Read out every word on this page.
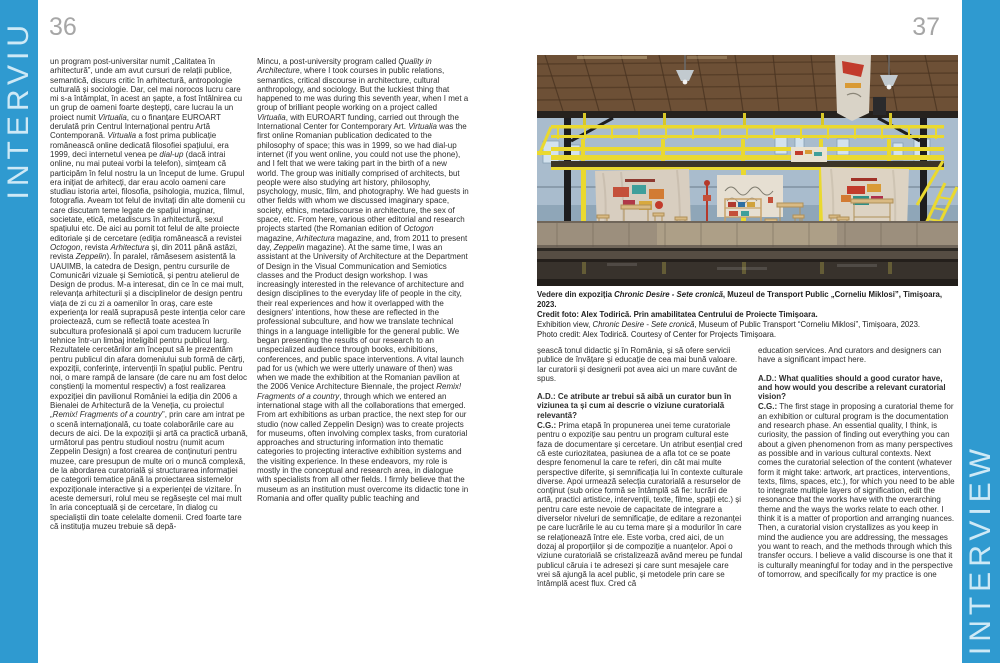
INTERVIU
INTERVIEW
36	37

un program post-universitar numit „Calitatea în arhitectură”, unde am avut cursuri de relații publice, semantică, discurs critic în arhitectură, antropologie culturală și sociologie. Dar, cel mai norocos lucru care mi s-a întâmplat, în acest an șapte, a fost întâlnirea cu un grup de oameni foarte deștepți, care lucrau la un proiect numit Virtualia, cu o finanțare EUROART derulată prin Centrul Internațional pentru Artă Contemporană. Virtualia a fost prima publicație românească online dedicată filosofiei spațiului, era 1999, deci internetul venea pe dial-up (dacă intrai online, nu mai puteai vorbi la telefon), simțeam că participăm în felul nostru la un început de lume. Grupul era inițiat de arhitecți, dar erau acolo oameni care studiau istoria artei, filosofia, psihologia, muzica, filmul, fotografia. Aveam tot felul de invitați din alte domenii cu care discutam teme legate de spațiul imaginar, societate, etică, metadiscurs în arhitectură, sexul spațiului etc. De aici au pornit tot felul de alte proiecte editoriale și de cercetare (ediția românească a revistei Octogon, revista Arhitectura și, din 2011 până astăzi, revista Zeppelin). În paralel, rămăsesem asistentă la UAUIMB, la catedra de Design, pentru cursurile de Comunicări vizuale și Semiotică, și pentru atelierul de Design de produs. M-a interesat, din ce în ce mai mult, relevanța arhitecturii și a disciplinelor de design pentru viața de zi cu zi a oamenilor în oraș, care este experiența lor reală suprapusă peste intenția celor care proiectează, cum se reflectă toate acestea în subcultura profesională și apoi cum traducem lucrurile tehnice într-un limbaj inteligibil pentru publicul larg. Rezultatele cercetărilor am început să le prezentăm pentru publicul din afara domeniului sub formă de cărți, expoziții, conferințe, intervenții în spațiul public. Pentru noi, o mare rampă de lansare (de care nu am fost deloc conștienți la momentul respectiv) a fost realizarea expoziției din pavilionul României la ediția din 2006 a Bienalei de Arhitectură de la Veneția, cu proiectul „Remix! Fragments of a country”, prin care am intrat pe o scenă internațională, cu toate colaborările care au decurs de aici. De la expoziții și artă ca practică urbană, următorul pas pentru studioul nostru (numit acum Zeppelin Design) a fost crearea de conținuturi pentru muzee, care presupun de multe ori o muncă complexă, de la abordarea curatorială și structurarea informației pe categorii tematice până la proiectarea sistemelor expoziționale interactive și a experienței de vizitare. În aceste demersuri, rolul meu se regăsește cel mai mult în aria conceptuală și de cercetare, în dialog cu specialiștii din toate celelalte domenii. Cred foarte tare că instituția muzeu trebuie să depă-

Mincu, a post-university program called Quality in Architecture, where I took courses in public relations, semantics, critical discourse in architecture, cultural anthropology, and sociology. But the luckiest thing that happened to me was during this seventh year, when I met a group of brilliant people working on a project called Virtualia, with EUROART funding, carried out through the International Center for Contemporary Art. Virtualia was the first online Romanian publication dedicated to the philosophy of space; this was in 1999, so we had dial-up internet (if you went online, you could not use the phone), and I felt that we were taking part in the birth of a new world. The group was initially comprised of architects, but people were also studying art history, philosophy, psychology, music, film, and photography. We had guests in other fields with whom we discussed imaginary space, society, ethics, metadiscourse in architecture, the sex of space, etc. From here, various other editorial and research projects started (the Romanian edition of Octogon magazine, Arhitectura magazine, and, from 2011 to present day, Zeppelin magazine). At the same time, I was an assistant at the University of Architecture at the Department of Design in the Visual Communication and Semiotics classes and the Product design workshop. I was increasingly interested in the relevance of architecture and design disciplines to the everyday life of people in the city, their real experiences and how it overlapped with the designers' intentions, how these are reflected in the professional subculture, and how we translate technical things in a language intelligible for the general public. We began presenting the results of our research to an unspecialized audience through books, exhibitions, conferences, and public space interventions. A vital launch pad for us (which we were utterly unaware of then) was when we made the exhibition at the Romanian pavilion at the 2006 Venice Architecture Biennale, the project Remix! Fragments of a country, through which we entered an international stage with all the collaborations that emerged. From art exhibitions as urban practice, the next step for our studio (now called Zeppelin Design) was to create projects for museums, often involving complex tasks, from curatorial approaches and structuring information into thematic categories to projecting interactive exhibition systems and the visiting experience. In these endeavors, my role is mostly in the conceptual and research area, in dialogue with specialists from all other fields. I firmly believe that the museum as an institution must overcome its didactic tone in Romania and offer quality public teaching and

Vedere din expoziția Chronic Desire - Sete cronică, Muzeul de Transport Public „Corneliu Miklosi”, Timișoara, 2023.
Credit foto: Alex Todirică. Prin amabilitatea Centrului de Proiecte Timișoara.
Exhibition view, Chronic Desire - Sete cronică, Museum of Public Transport “Corneliu Miklosi”, Timișoara, 2023.
Photo credit: Alex Todirică. Courtesy of Center for Projects Timișoara.

șească tonul didactic și în România, și să ofere servicii publice de învățare și educație de cea mai bună valoare. Iar curatorii și designerii pot avea aici un mare cuvânt de spus.

A.D.: Ce atribute ar trebui să aibă un curator bun în viziunea ta și cum ai descrie o viziune curatorială relevantă?

C.G.: Prima etapă în propunerea unei teme curatoriale pentru o expoziție sau pentru un program cultural este faza de documentare și cercetare. Un atribut esențial cred că este curiozitatea, pasiunea de a afla tot ce se poate despre fenomenul la care te referi, din cât mai multe perspective diferite, și semnificația lui în contexte culturale diverse. Apoi urmează selecția curatorială a resurselor de conținut (sub orice formă se întâmplă să fie: lucrări de artă, practici artistice, intervenții, texte, filme, spații etc.) și pentru care este nevoie de capacitate de integrare a diverselor niveluri de semnificație, de editare a rezonanței pe care lucrările le au cu tema mare și a modurilor în care se relaționează între ele. Este vorba, cred aici, de un dozaj al proporțiilor și de compoziție a nuanțelor. Apoi o viziune curatorială se cristalizează având mereu pe fundal publicul căruia i te adresezi și care sunt mesajele care vrei să ajungă la acel public, și metodele prin care se întâmplă acest flux. Cred că

education services. And curators and designers can have a significant impact here.

A.D.: What qualities should a good curator have, and how would you describe a relevant curatorial vision?

C.G.: The first stage in proposing a curatorial theme for an exhibition or cultural program is the documentation and research phase. An essential quality, I think, is curiosity, the passion of finding out everything you can about a given phenomenon from as many perspectives as possible and in various cultural contexts. Next comes the curatorial selection of the content (whatever form it might take: artwork, art practices, interventions, texts, films, spaces, etc.), for which you need to be able to integrate multiple layers of signification, edit the resonance that the works have with the overarching theme and the ways the works relate to each other. I think it is a matter of proportion and arranging nuances. Then, a curatorial vision crystallizes as you keep in mind the audience you are addressing, the messages you want to reach, and the methods through which this transfer occurs. I believe a valid discourse is one that it is culturally meaningful for today and in the perspective of tomorrow, and specifically for my practice is one
